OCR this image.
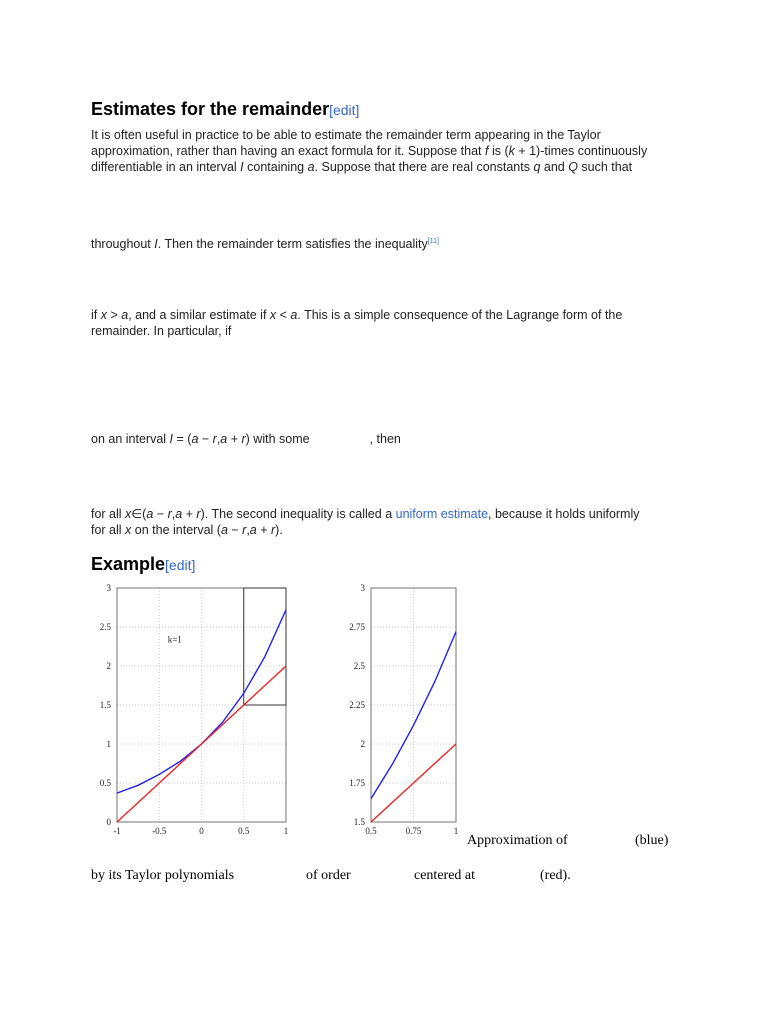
Estimates for the remainder[edit]
It is often useful in practice to be able to estimate the remainder term appearing in the Taylor
approximation, rather than having an exact formula for it. Suppose that f is (k + 1)-times continuously
differentiable in an interval I containing a. Suppose that there are real constants q and Q such that
throughout I. Then the remainder term satisfies the inequality[11]
if x > a, and a similar estimate if x < a. This is a simple consequence of the Lagrange form of the
remainder. In particular, if
on an interval I = (a − r,a + r) with some	, then
for all x∈(a − r,a + r). The second inequality is called a uniform estimate, because it holds uniformly
for all x on the interval (a − r,a + r).
Example[edit]
-1	-0.5	0	0.5	1
0
0.5
1
1.5
2
2.5
3
k=1
0.5	0.75	1
1.5
1.75
2
2.25
2.5
2.75
3
Approximation of	(blue)
by its Taylor polynomials	of order	centered at	(red).
